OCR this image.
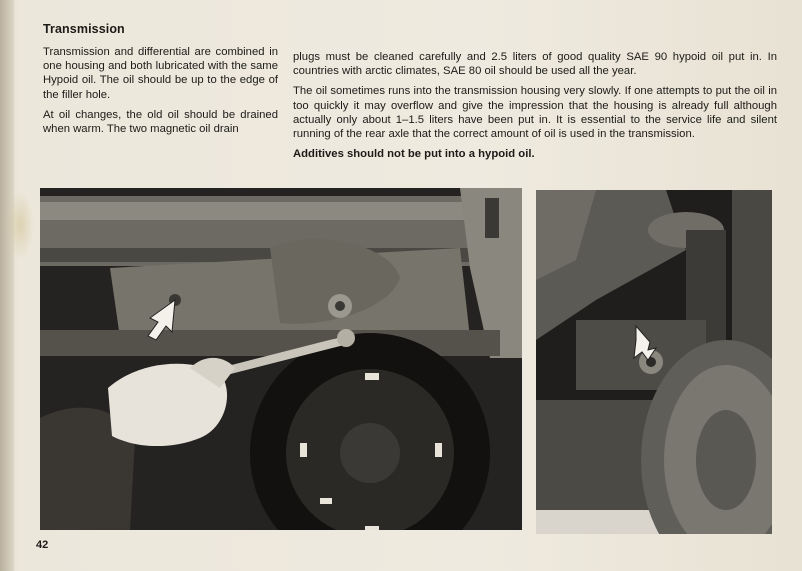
Transmission

Transmission and differential are combined in one housing and both lubricated with the same Hypoid oil. The oil should be up to the edge of the filler hole.

At oil changes, the old oil should be drained when warm. The two magnetic oil drain

plugs must be cleaned carefully and 2.5 liters of good quality SAE 90 hypoid oil put in. In countries with arctic climates, SAE 80 oil should be used all the year.

The oil sometimes runs into the transmission housing very slowly. If one attempts to put the oil in too quickly it may overflow and give the impression that the housing is already full although actually only about 1–1.5 liters have been put in. It is essential to the service life and silent running of the rear axle that the correct amount of oil is used in the transmission.

Additives should not be put into a hypoid oil.

42
